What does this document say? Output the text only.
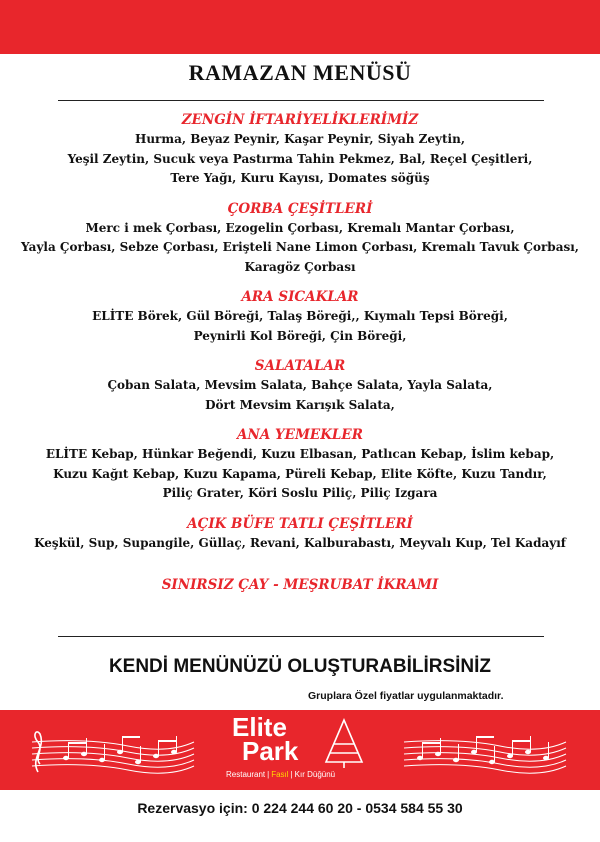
RAMAZAN MENÜSÜ
ZENGİN İFTARİYELİKLERİMİZ
Hurma, Beyaz Peynir, Kaşar Peynir, Siyah Zeytin,
Yeşil Zeytin, Sucuk veya Pastırma Tahin Pekmez, Bal, Reçel Çeşitleri,
Tere Yağı, Kuru Kayısı, Domates söğüş
ÇORBA ÇEŞİTLERİ
Merc i mek Çorbası, Ezogelin Çorbası, Kremalı Mantar Çorbası,
Yayla Çorbası, Sebze Çorbası, Erişteli Nane Limon Çorbası, Kremalı Tavuk Çorbası,
Karagöz Çorbası
ARA SICAKLAR
ELİTE Börek, Gül Böreği, Talaş Böreği,, Kıymalı Tepsi Böreği,
Peynirli Kol Böreği, Çin Böreği,
SALATALAR
Çoban Salata, Mevsim Salata, Bahçe Salata, Yayla Salata,
Dört Mevsim Karışık Salata,
ANA YEMEKLER
ELİTE Kebap, Hünkar Beğendi, Kuzu Elbasan, Patlıcan Kebap, İslim kebap,
Kuzu Kağıt Kebap, Kuzu Kapama, Püreli Kebap, Elite Köfte, Kuzu Tandır,
Piliç Grater, Köri Soslu Piliç, Piliç Izgara
AÇIK BÜFE TATLI ÇEŞİTLERİ
Keşkül, Sup, Supangile, Güllaç, Revani, Kalburabastı, Meyvalı Kup, Tel Kadayıf
SINIRSIZ ÇAY - MEŞRUBAT İKRAMI
KENDİ MENÜNÜZÜ OLUŞTURABİLİRSİNİZ
Gruplara Özel fiyatlar uygulanmaktadır.
Elite
Park
Restaurant | Fasıl | Kır Düğünü
Rezervasyo için: 0 224 244 60 20 - 0534 584 55 30
